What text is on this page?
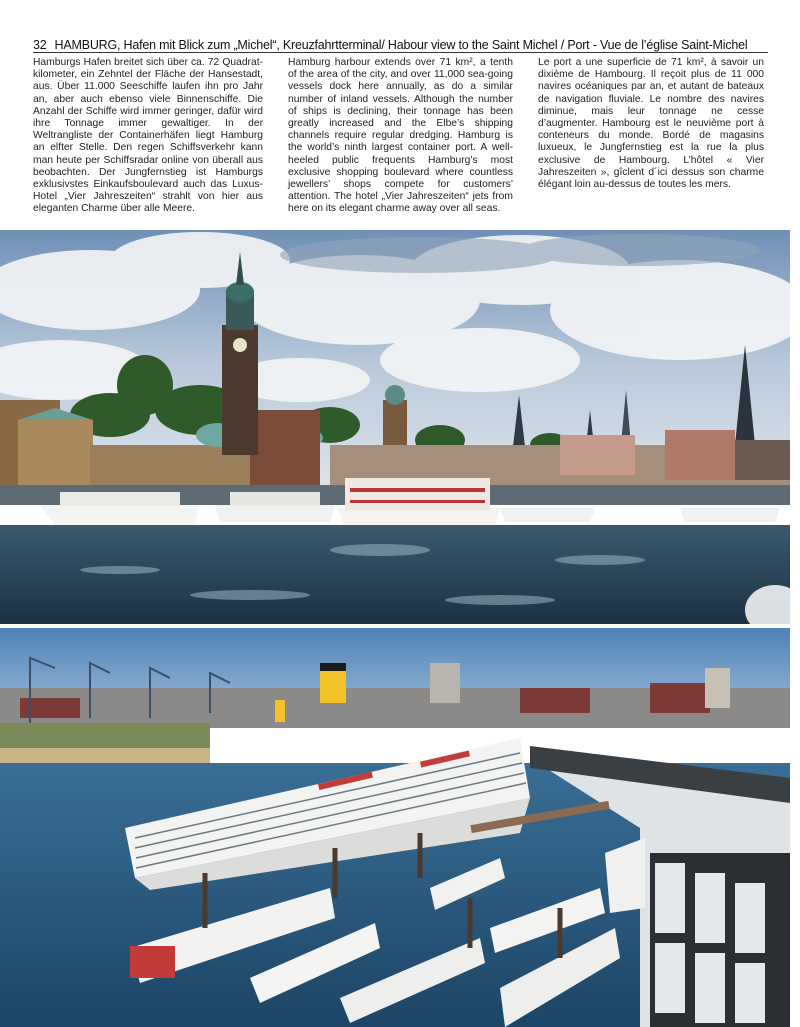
32 HAMBURG, Hafen mit Blick zum „Michel“, Kreuzfahrtterminal/ Habour view to the Saint Michel / Port - Vue de l’église Saint-Michel
Hamburgs Hafen breitet sich über ca. 72 Quadratkilometer, ein Zehntel der Fläche der Hansestadt, aus. Über 11.000 Seeschiffe laufen ihn pro Jahr an, aber auch ebenso viele Binnenschiffe. Die Anzahl der Schiffe wird immer geringer, dafür wird ihre Tonnage immer gewaltiger. In der Weltrangliste der Containerhäfen liegt Hamburg an elfter Stelle. Den regen Schiffsverkehr kann man heute per Schiffsradar online von überall aus beobachten. Der Jungfernstieg ist Hamburgs exklusivstes Einkaufsboulevard auch das Luxus-Hotel „Vier Jahreszeiten“ strahlt von hier aus eleganten Charme über alle Meere.
Hamburg harbour extends over 71 km², a tenth of the area of the city, and over 11,000 sea-going vessels dock here annually, as do a similar number of inland vessels. Although the number of ships is declining, their tonnage has been greatly increased and the Elbe’s shipping channels require regular dredging. Hamburg is the world’s ninth largest container port. A well-heeled public frequents Hamburg’s most exclusive shopping boulevard where countless jewellers’ shops compete for customers’ attention. The hotel „Vier Jahreszeiten“ jets from here on its elegant charme away over all seas.
Le port a une superficie de 71 km², à savoir un dixième de Hambourg. Il reçoit plus de 11 000 navires océaniques par an, et autant de bateaux de navigation fluviale. Le nombre des navires diminue, mais leur tonnage ne cesse d’augmenter. Hambourg est le neuvième port à conteneurs du monde. Bordé de magasins luxueux, le Jungfernstieg est la rue la plus exclusive de Hambourg. L’hôtel « Vier Jahreszeiten », gîclent d´ici dessus son charme élégant loin au-dessus de toutes les mers.
